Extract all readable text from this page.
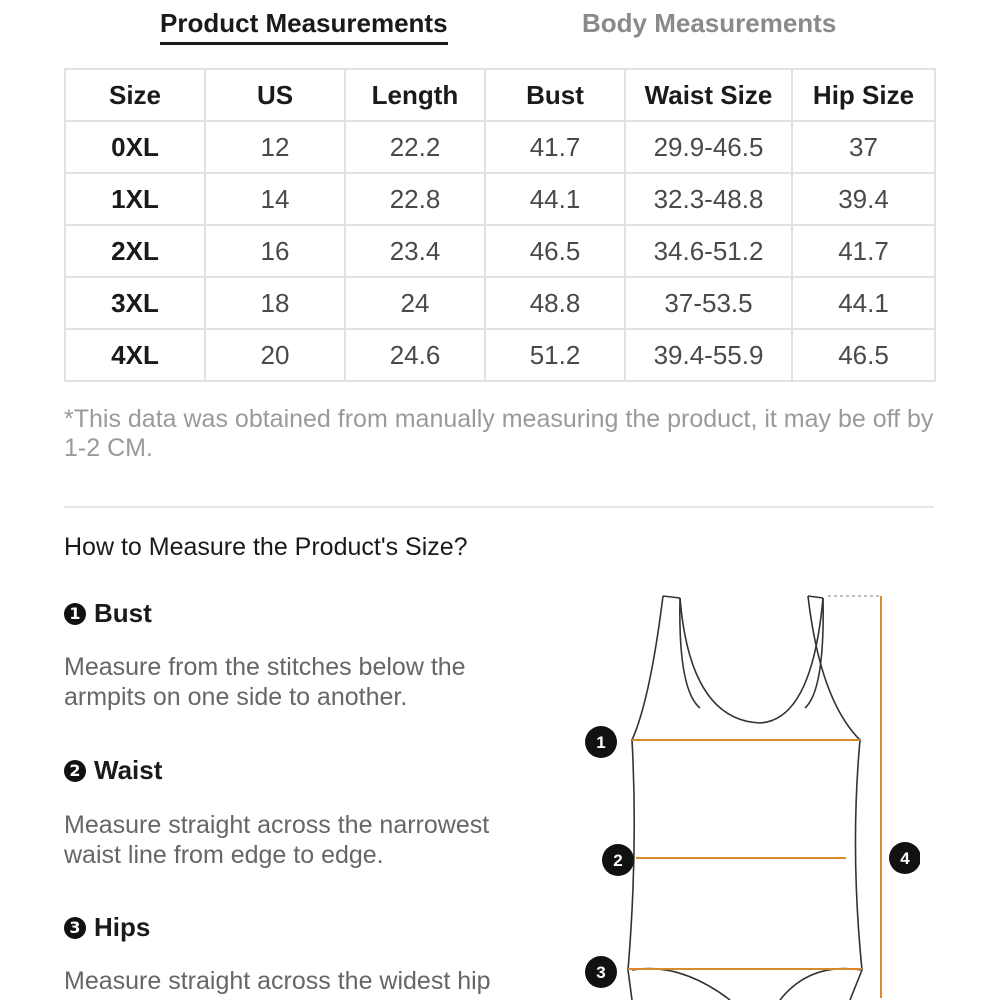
Product Measurements	Body Measurements
Size	US	Length	Bust	Waist Size	Hip Size
0XL	12	22.2	41.7	29.9-46.5	37
1XL	14	22.8	44.1	32.3-48.8	39.4
2XL	16	23.4	46.5	34.6-51.2	41.7
3XL	18	24	48.8	37-53.5	44.1
4XL	20	24.6	51.2	39.4-55.9	46.5
*This data was obtained from manually measuring the product, it may be off by 1-2 CM.
How to Measure the Product's Size?
1 Bust
Measure from the stitches below the armpits on one side to another.
2 Waist
Measure straight across the narrowest waist line from edge to edge.
3 Hips
Measure straight across the widest hip
1
2
3
4
